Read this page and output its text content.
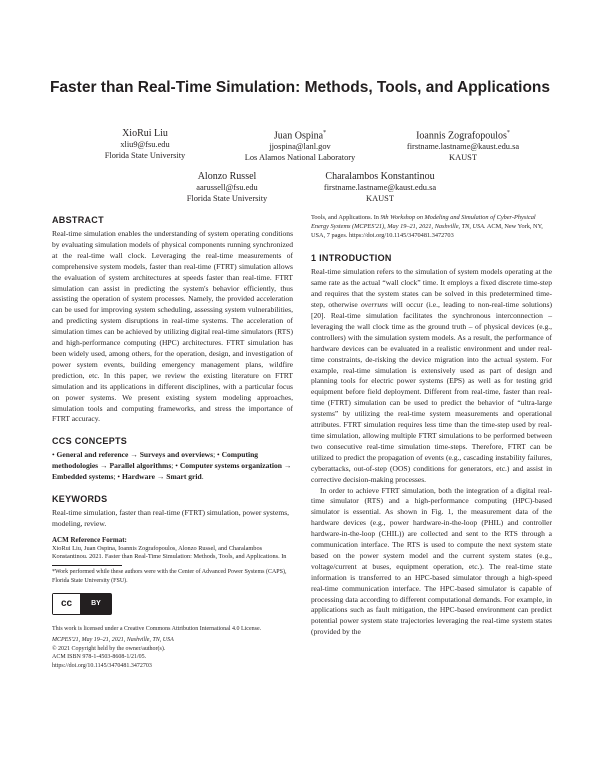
Faster than Real-Time Simulation: Methods, Tools, and Applications
XioRui Liu
xliu9@fsu.edu
Florida State University
Juan Ospina*
jjospina@lanl.gov
Los Alamos National Laboratory
Ioannis Zografopoulos*
firstname.lastname@kaust.edu.sa
KAUST
Alonzo Russel
aarussell@fsu.edu
Florida State University
Charalambos Konstantinou
firstname.lastname@kaust.edu.sa
KAUST
ABSTRACT

Real-time simulation enables the understanding of system operating conditions by evaluating simulation models of physical components running synchronized at the real-time wall clock. Leveraging the real-time measurements of comprehensive system models, faster than real-time (FTRT) simulation allows the evaluation of system architectures at speeds faster than real-time. FTRT simulation can assist in predicting the system's behavior efficiently, thus assisting the operation of system processes. Namely, the provided acceleration can be used for improving system scheduling, assessing system vulnerabilities, and predicting system disruptions in real-time systems. The acceleration of simulation times can be achieved by utilizing digital real-time simulators (RTS) and high-performance computing (HPC) architectures. FTRT simulation has been widely used, among others, for the operation, design, and investigation of power system events, building emergency management plans, wildfire prediction, etc. In this paper, we review the existing literature on FTRT simulation and its applications in different disciplines, with a particular focus on power systems. We present existing system modeling approaches, simulation tools and computing frameworks, and stress the importance of FTRT accuracy.

CCS CONCEPTS

• General and reference → Surveys and overviews; • Computing methodologies → Parallel algorithms; • Computer systems organization → Embedded systems; • Hardware → Smart grid.

KEYWORDS

Real-time simulation, faster than real-time (FTRT) simulation, power systems, modeling, review.

ACM Reference Format:

XioRui Liu, Juan Ospina, Ioannis Zografopoulos, Alonzo Russel, and Charalambos Konstantinou. 2021. Faster than Real-Time Simulation: Methods, Tools, and Applications. In

*Work performed while these authors were with the Center of Advanced Power Systems (CAPS), Florida State University (FSU).

cc	BY

This work is licensed under a Creative Commons Attribution International 4.0 License.

MCPES'21, May 19–21, 2021, Nashville, TN, USA

© 2021 Copyright held by the owner/author(s).

ACM ISBN 978-1-4503-8608-1/21/05.

https://doi.org/10.1145/3470481.3472703

Tools, and Applications. In 9th Workshop on Modeling and Simulation of Cyber-Physical Energy Systems (MCPES'21), May 19–21, 2021, Nashville, TN, USA. ACM, New York, NY, USA, 7 pages. https://doi.org/10.1145/3470481.3472703

1 INTRODUCTION

Real-time simulation refers to the simulation of system models operating at the same rate as the actual “wall clock” time. It employs a fixed discrete time-step and requires that the system states can be solved in this predetermined time-step, otherwise overruns will occur (i.e., leading to non-real-time solutions) [20]. Real-time simulation facilitates the synchronous interconnection – leveraging the wall clock time as the ground truth – of physical devices (e.g., controllers) with the simulation system models. As a result, the performance of hardware devices can be evaluated in a realistic environment and under real-time constraints, de-risking the device migration into the actual system. For example, real-time simulation is extensively used as part of design and planning tools for electric power systems (EPS) as well as for testing grid equipment before field deployment. Different from real-time, faster than real-time (FTRT) simulation can be used to predict the behavior of “ultra-large systems” by utilizing the real-time system measurements and operational attributes. FTRT simulation requires less time than the time-step used by real-time simulation, allowing multiple FTRT simulations to be performed between two consecutive real-time simulation time-steps. Therefore, FTRT can be utilized to predict the propagation of events (e.g., cascading instability failures, cyberattacks, out-of-step (OOS) conditions for generators, etc.) and assist in corrective decision-making processes.

In order to achieve FTRT simulation, both the integration of a digital real-time simulator (RTS) and a high-performance computing (HPC)-based simulator is essential. As shown in Fig. 1, the measurement data of the hardware devices (e.g., power hardware-in-the-loop (PHIL) and controller hardware-in-the-loop (CHIL)) are collected and sent to the RTS through a communication interface. The RTS is used to compute the next system state based on the power system model and the current system states (e.g., voltage/current at buses, equipment operation, etc.). The real-time state information is transferred to an HPC-based simulator through a high-speed real-time communication interface. The HPC-based simulator is capable of processing data according to different computational demands. For example, in applications such as fault mitigation, the HPC-based environment can predict potential power system state trajectories leveraging the real-time system states (provided by the
